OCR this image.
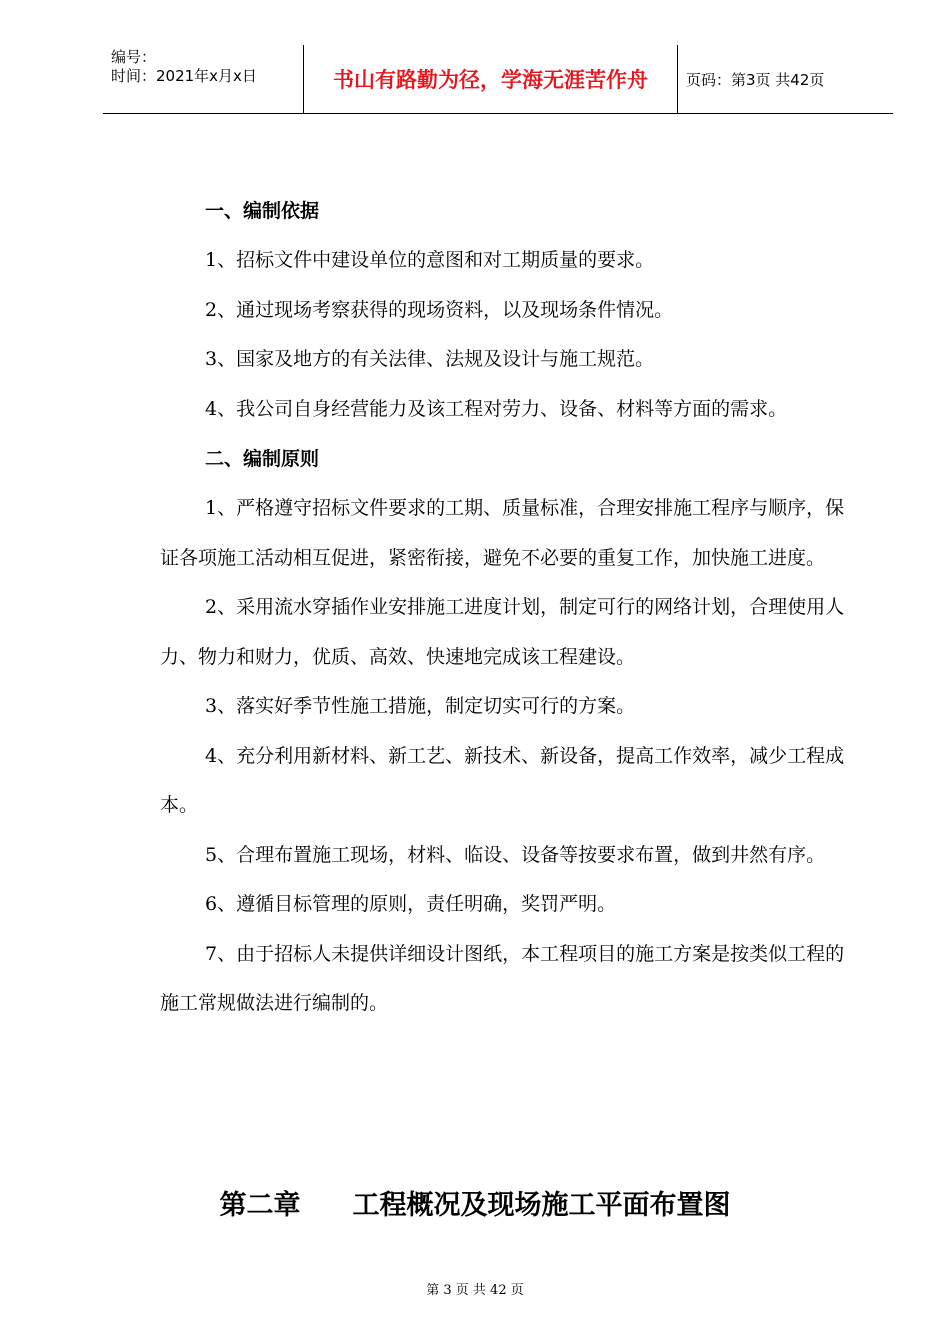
编号：
时间：2021年x月x日	书山有路勤为径，学海无涯苦作舟	页码：第3页 共42页
一、编制依据

1、招标文件中建设单位的意图和对工期质量的要求。

2、通过现场考察获得的现场资料，以及现场条件情况。

3、国家及地方的有关法律、法规及设计与施工规范。

4、我公司自身经营能力及该工程对劳力、设备、材料等方面的需求。

二、编制原则

1、严格遵守招标文件要求的工期、质量标准，合理安排施工程序与顺序，保证各项施工活动相互促进，紧密衔接，避免不必要的重复工作，加快施工进度。

2、采用流水穿插作业安排施工进度计划，制定可行的网络计划，合理使用人力、物力和财力，优质、高效、快速地完成该工程建设。

3、落实好季节性施工措施，制定切实可行的方案。

4、充分利用新材料、新工艺、新技术、新设备，提高工作效率，减少工程成本。

5、合理布置施工现场，材料、临设、设备等按要求布置，做到井然有序。

6、遵循目标管理的原则，责任明确，奖罚严明。

7、由于招标人未提供详细设计图纸，本工程项目的施工方案是按类似工程的施工常规做法进行编制的。

第二章 工程概况及现场施工平面布置图
第 3 页 共 42 页
